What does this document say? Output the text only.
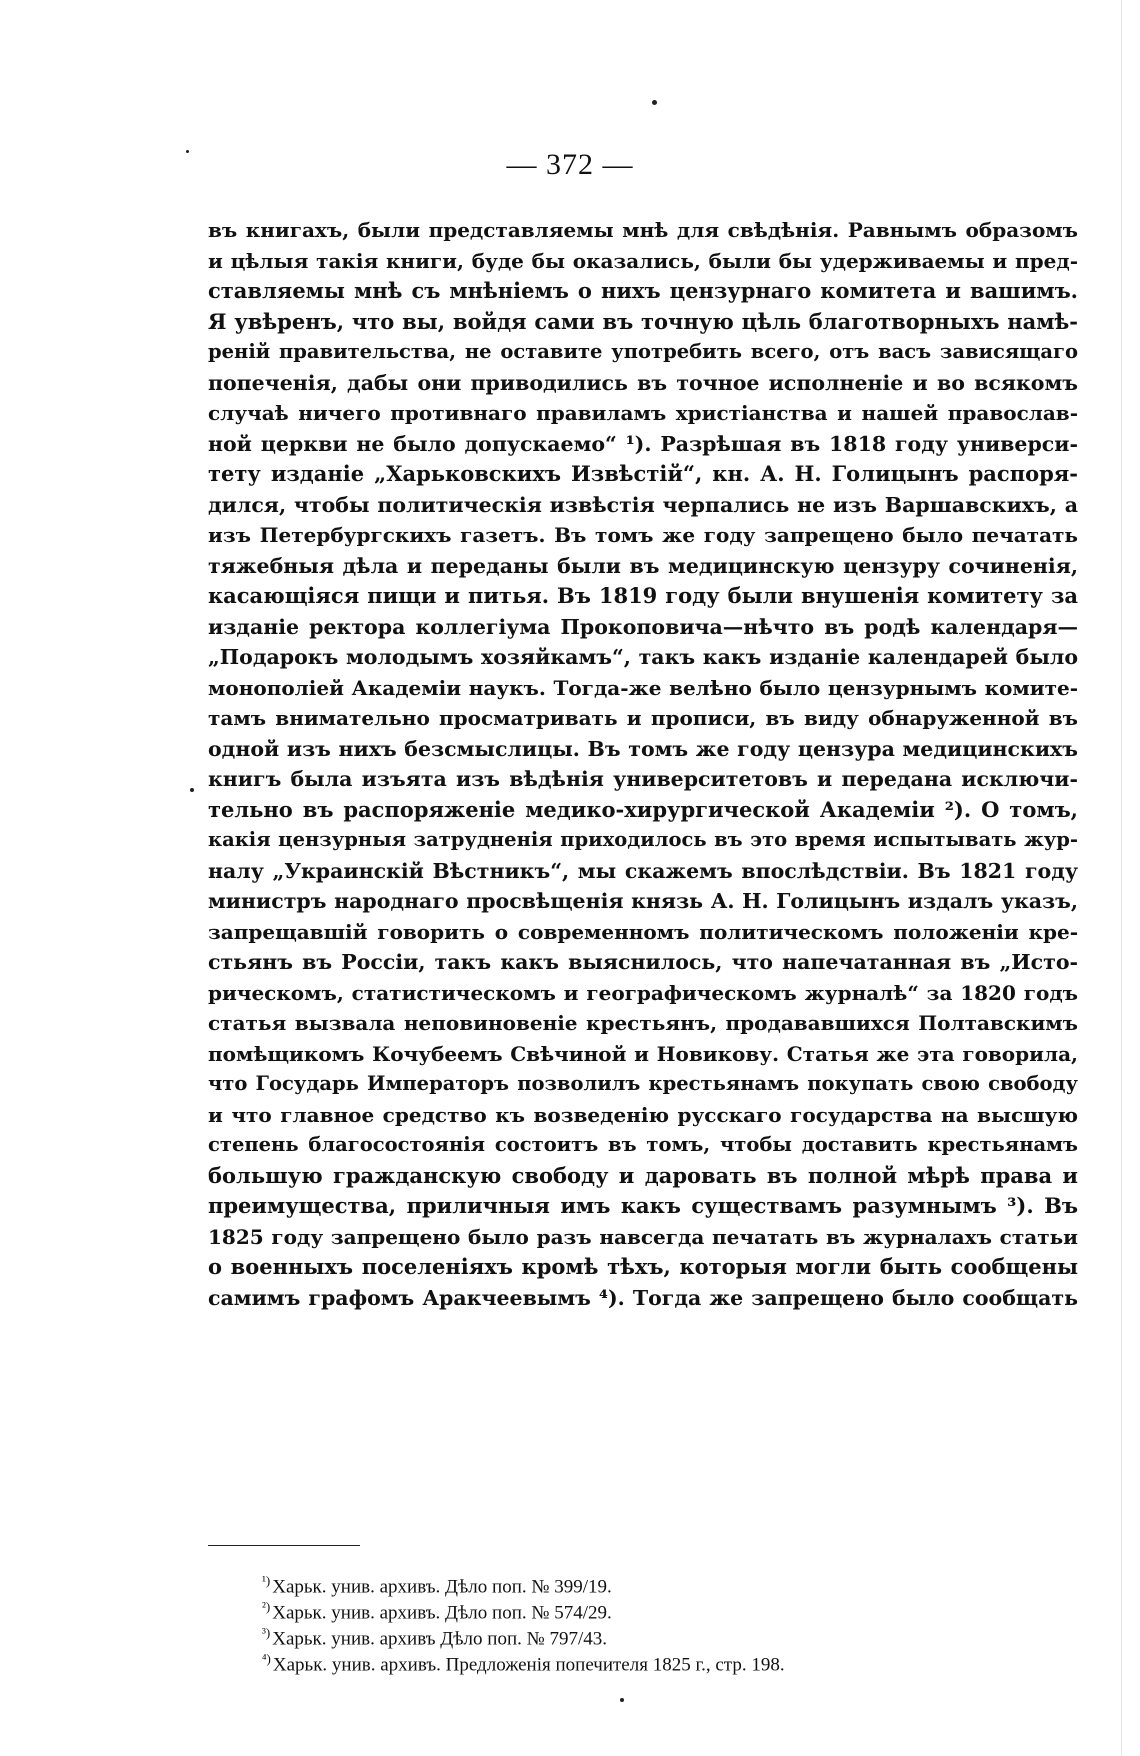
— 372 —
въ книгахъ, были представляемы мнѣ для свѣдѣнія. Равнымъ образомъ
и цѣлыя такія книги, буде бы оказались, были бы удерживаемы и пред-
ставляемы мнѣ съ мнѣніемъ о нихъ цензурнаго комитета и вашимъ.
Я увѣренъ, что вы, войдя сами въ точную цѣль благотворныхъ намѣ-
реній правительства, не оставите употребить всего, отъ васъ зависящаго
попеченія, дабы они приводились въ точное исполненіе и во всякомъ
случаѣ ничего противнаго правиламъ христіанства и нашей православ-
ной церкви не было допускаемо“ ¹). Разрѣшая въ 1818 году универси-
тету изданіе „Харьковскихъ Извѣстій“, кн. А. Н. Голицынъ распоря-
дился, чтобы политическія извѣстія черпались не изъ Варшавскихъ, а
изъ Петербургскихъ газетъ. Въ томъ же году запрещено было печатать
тяжебныя дѣла и переданы были въ медицинскую цензуру сочиненія,
касающіяся пищи и питья. Въ 1819 году были внушенія комитету за
изданіе ректора коллегіума Прокоповича—нѣчто въ родѣ календаря—
„Подарокъ молодымъ хозяйкамъ“, такъ какъ изданіе календарей было
монополіей Академіи наукъ. Тогда-же велѣно было цензурнымъ комите-
тамъ внимательно просматривать и прописи, въ виду обнаруженной въ
одной изъ нихъ безсмыслицы. Въ томъ же году цензура медицинскихъ
книгъ была изъята изъ вѣдѣнія университетовъ и передана исключи-
тельно въ распоряженіе медико-хирургической Академіи ²). О томъ,
какія цензурныя затрудненія приходилось въ это время испытывать жур-
налу „Украинскій Вѣстникъ“, мы скажемъ впослѣдствіи. Въ 1821 году
министръ народнаго просвѣщенія князь А. Н. Голицынъ издалъ указъ,
запрещавшій говорить о современномъ политическомъ положеніи кре-
стьянъ въ Россіи, такъ какъ выяснилось, что напечатанная въ „Исто-
рическомъ, статистическомъ и географическомъ журналѣ“ за 1820 годъ
статья вызвала неповиновеніе крестьянъ, продававшихся Полтавскимъ
помѣщикомъ Кочубеемъ Свѣчиной и Новикову. Статья же эта говорила,
что Государь Императоръ позволилъ крестьянамъ покупать свою свободу
и что главное средство къ возведенію русскаго государства на высшую
степень благосостоянія состоитъ въ томъ, чтобы доставить крестьянамъ
большую гражданскую свободу и даровать въ полной мѣрѣ права и
преимущества, приличныя имъ какъ существамъ разумнымъ ³). Въ
1825 году запрещено было разъ навсегда печатать въ журналахъ статьи
о военныхъ поселеніяхъ кромѣ тѣхъ, которыя могли быть сообщены
самимъ графомъ Аракчеевымъ ⁴). Тогда же запрещено было сообщать
$^{^1)}$ Харьк. унив. архивъ. Дѣло поп. № 399/19.
$^{^2)}$ Харьк. унив. архивъ. Дѣло поп. № 574/29.
$^{^3)}$ Харьк. унив. архивъ Дѣло поп. № 797/43.
$^{^4)}$ Харьк. унив. архивъ. Предложенія попечителя 1825 г., стр. 198.
